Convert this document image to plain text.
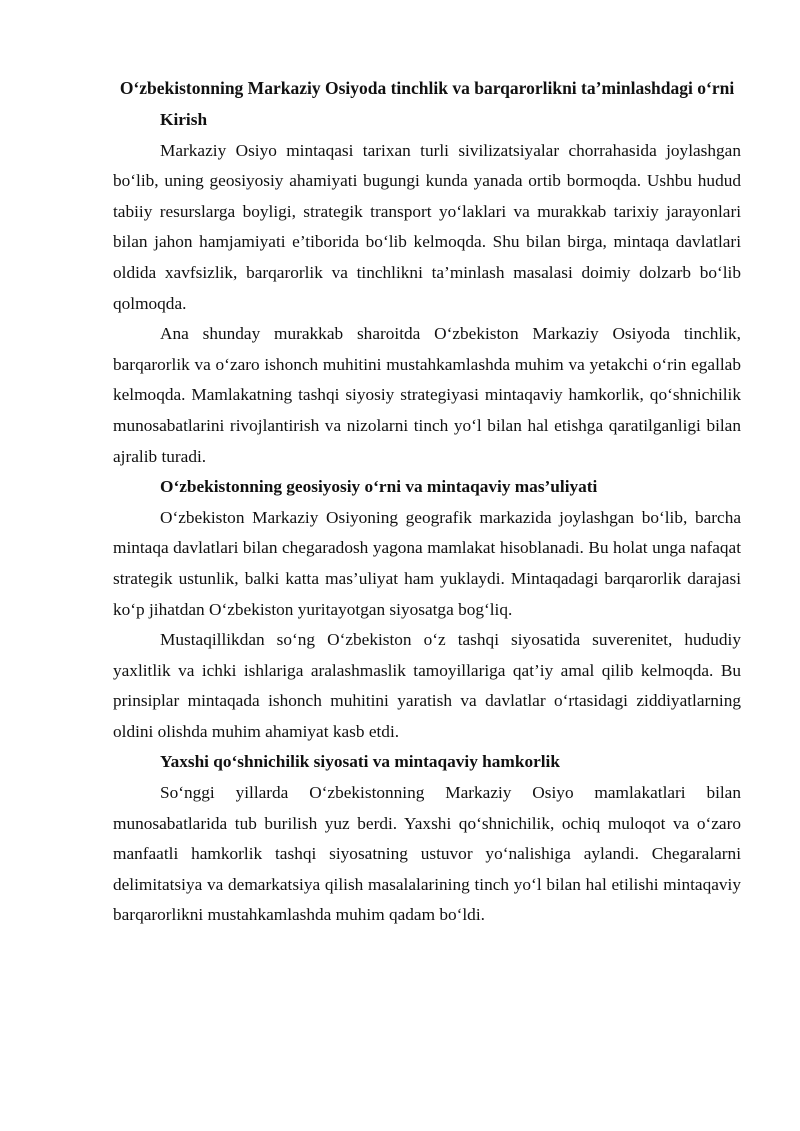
O‘zbekistonning Markaziy Osiyoda tinchlik va barqarorlikni ta’minlashdagi o‘rni

Kirish

Markaziy Osiyo mintaqasi tarixan turli sivilizatsiyalar chorrahasida joylashgan bo‘lib, uning geosiyosiy ahamiyati bugungi kunda yanada ortib bormoqda. Ushbu hudud tabiiy resurslarga boyligi, strategik transport yo‘laklari va murakkab tarixiy jarayonlari bilan jahon hamjamiyati e’tiborida bo‘lib kelmoqda. Shu bilan birga, mintaqa davlatlari oldida xavfsizlik, barqarorlik va tinchlikni ta’minlash masalasi doimiy dolzarb bo‘lib qolmoqda.

Ana shunday murakkab sharoitda O‘zbekiston Markaziy Osiyoda tinchlik, barqarorlik va o‘zaro ishonch muhitini mustahkamlashda muhim va yetakchi o‘rin egallab kelmoqda. Mamlakatning tashqi siyosiy strategiyasi mintaqaviy hamkorlik, qo‘shnichilik munosabatlarini rivojlantirish va nizolarni tinch yo‘l bilan hal etishga qaratilganligi bilan ajralib turadi.

O‘zbekistonning geosiyosiy o‘rni va mintaqaviy mas’uliyati

O‘zbekiston Markaziy Osiyoning geografik markazida joylashgan bo‘lib, barcha mintaqa davlatlari bilan chegaradosh yagona mamlakat hisoblanadi. Bu holat unga nafaqat strategik ustunlik, balki katta mas’uliyat ham yuklaydi. Mintaqadagi barqarorlik darajasi ko‘p jihatdan O‘zbekiston yuritayotgan siyosatga bog‘liq.

Mustaqillikdan so‘ng O‘zbekiston o‘z tashqi siyosatida suverenitet, hududiy yaxlitlik va ichki ishlariga aralashmaslik tamoyillariga qat’iy amal qilib kelmoqda. Bu prinsiplar mintaqada ishonch muhitini yaratish va davlatlar o‘rtasidagi ziddiyatlarning oldini olishda muhim ahamiyat kasb etdi.

Yaxshi qo‘shnichilik siyosati va mintaqaviy hamkorlik

So‘nggi yillarda O‘zbekistonning Markaziy Osiyo mamlakatlari bilan munosabatlarida tub burilish yuz berdi. Yaxshi qo‘shnichilik, ochiq muloqot va o‘zaro manfaatli hamkorlik tashqi siyosatning ustuvor yo‘nalishiga aylandi. Chegaralarni delimitatsiya va demarkatsiya qilish masalalarining tinch yo‘l bilan hal etilishi mintaqaviy barqarorlikni mustahkamlashda muhim qadam bo‘ldi.
